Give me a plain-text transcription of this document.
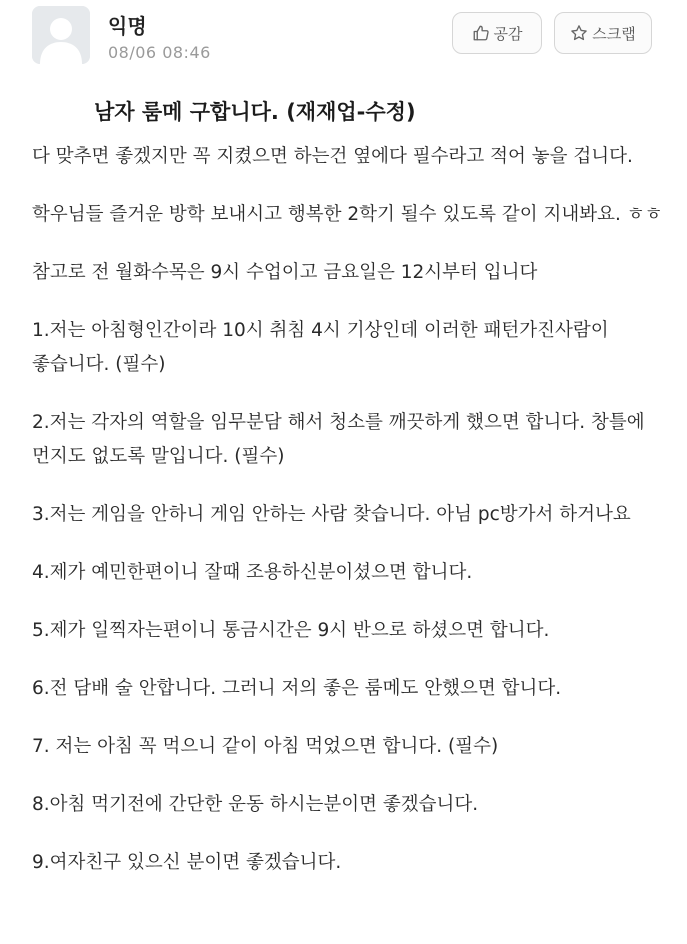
익명
08/06 08:46
공감	스크랩
남자 룸메 구합니다. (재재업-수정)

다 맞추면 좋겠지만 꼭 지켰으면 하는건 옆에다 필수라고 적어 놓을 겁니다.

학우님들 즐거운 방학 보내시고 행복한 2학기 될수 있도록 같이 지내봐요. ㅎㅎ

참고로 전 월화수목은 9시 수업이고 금요일은 12시부터 입니다

1.저는 아침형인간이라 10시 취침 4시 기상인데 이러한 패턴가진사람이 좋습니다. (필수)

2.저는 각자의 역할을 임무분담 해서 청소를 깨끗하게 했으면 합니다. 창틀에 먼지도 없도록 말입니다. (필수)

3.저는 게임을 안하니 게임 안하는 사람 찾습니다. 아님 pc방가서 하거나요

4.제가 예민한편이니 잘때 조용하신분이셨으면 합니다.

5.제가 일찍자는편이니 통금시간은 9시 반으로 하셨으면 합니다.

6.전 담배 술 안합니다. 그러니 저의 좋은 룸메도 안했으면 합니다.

7. 저는 아침 꼭 먹으니 같이 아침 먹었으면 합니다. (필수)

8.아침 먹기전에 간단한 운동 하시는분이면 좋겠습니다.

9.여자친구 있으신 분이면 좋겠습니다.
